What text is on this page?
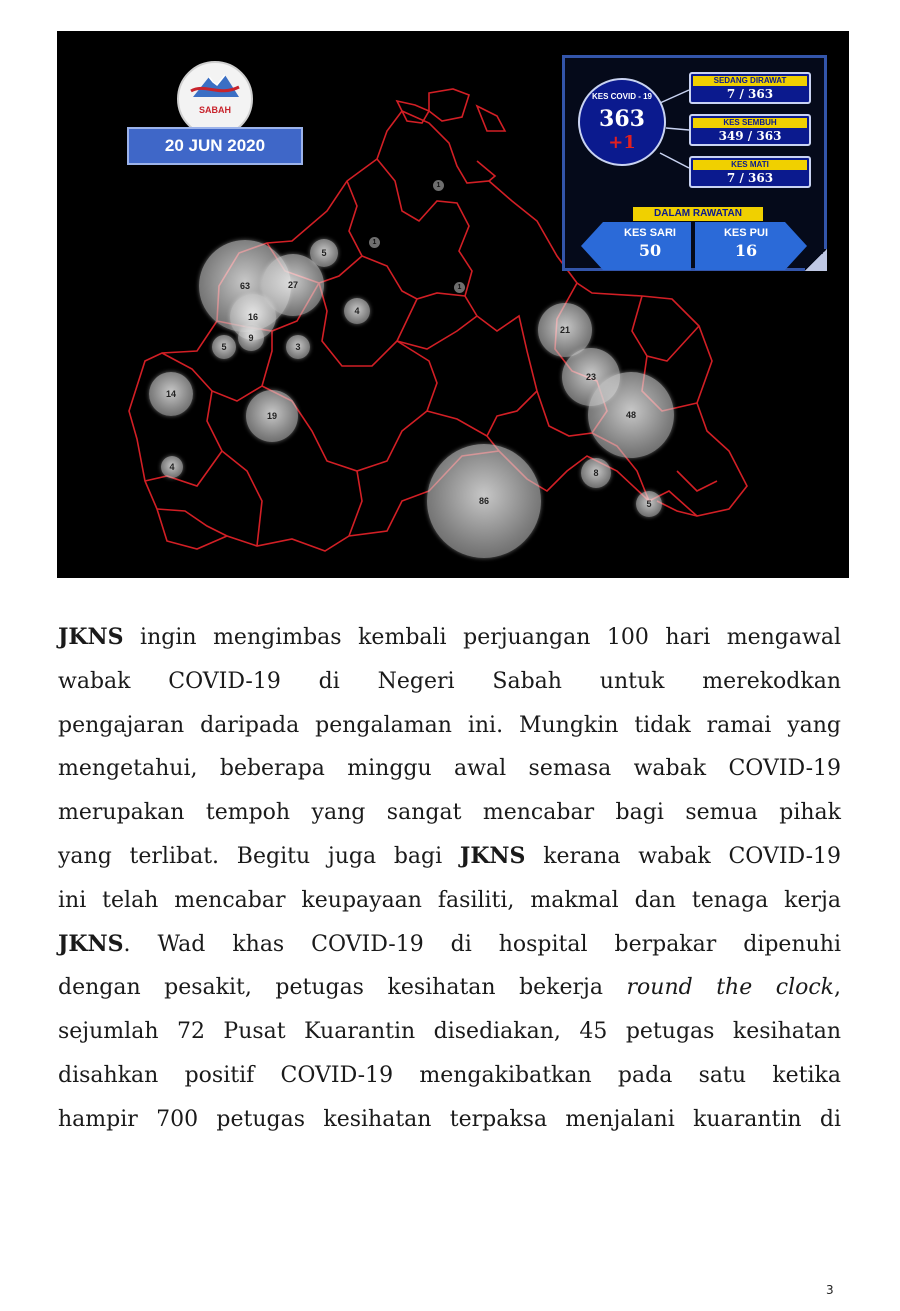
SABAH
20 JUN 2020
63	27
16
9
5	3
5
4
14
19
4
21
23
48
8
5
86
1
1
1
KES COVID - 19
363
+1
SEDANG DIRAWAT
7 / 363
KES SEMBUH
349 / 363
KES MATI
7 / 363
DALAM RAWATAN
KES SARI
50
KES PUI
16

JKNS ingin mengimbas kembali perjuangan 100 hari mengawal
wabak COVID-19 di Negeri Sabah untuk merekodkan
pengajaran daripada pengalaman ini. Mungkin tidak ramai yang
mengetahui, beberapa minggu awal semasa wabak COVID-19
merupakan tempoh yang sangat mencabar bagi semua pihak
yang terlibat. Begitu juga bagi JKNS kerana wabak COVID-19
ini telah mencabar keupayaan fasiliti, makmal dan tenaga kerja
JKNS. Wad khas COVID-19 di hospital berpakar dipenuhi
dengan pesakit, petugas kesihatan bekerja round the clock,
sejumlah 72 Pusat Kuarantin disediakan, 45 petugas kesihatan
disahkan positif COVID-19 mengakibatkan pada satu ketika
hampir 700 petugas kesihatan terpaksa menjalani kuarantin di

3
